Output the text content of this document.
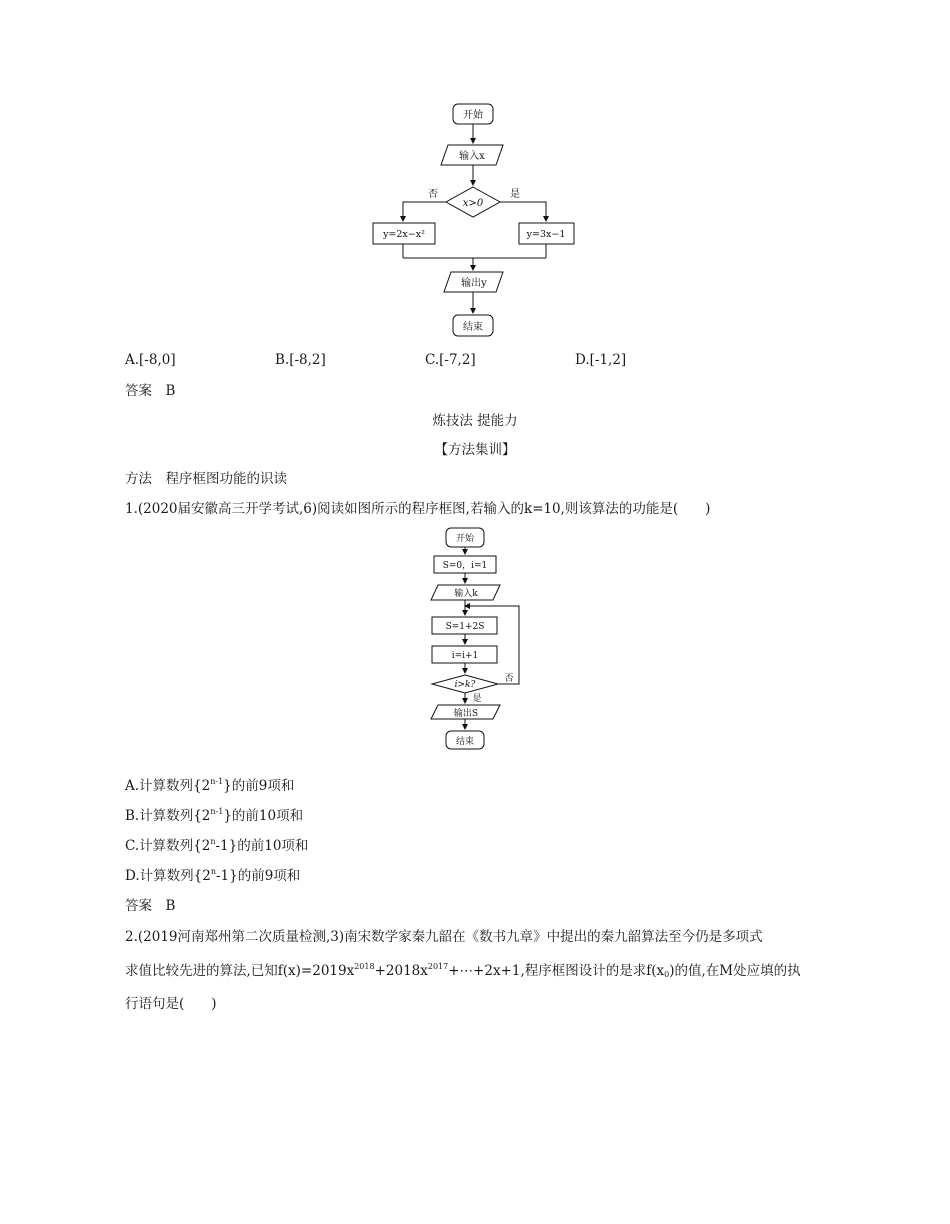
开始
输入x
x>0
否	是
y=2x−x²	y=3x−1
输出y
结束
A.[-8,0]	B.[-8,2]	C.[-7,2]	D.[-1,2]
答案　B
炼技法 提能力
【方法集训】
方法　程序框图功能的识读
1.(2020届安徽高三开学考试,6)阅读如图所示的程序框图,若输入的k=10,则该算法的功能是(　　)
开始
S=0，i=1
输入k
S=1+2S
i=i+1
i>k?
否
是
输出S
结束
A.计算数列{2$^{n-1}$}的前9项和
B.计算数列{2$^{n-1}$}的前10项和
C.计算数列{2$^n$-1}的前10项和
D.计算数列{2$^n$-1}的前9项和
答案　B
2.(2019河南郑州第二次质量检测,3)南宋数学家秦九韶在《数书九章》中提出的秦九韶算法至今仍是多项式
求值比较先进的算法,已知$f(x)=2019x^{2018}+2018x^{2017}+\cdots+2x+1$,程序框图设计的是求$f(x_0)$的值,在M处应填的执
行语句是(　　)
